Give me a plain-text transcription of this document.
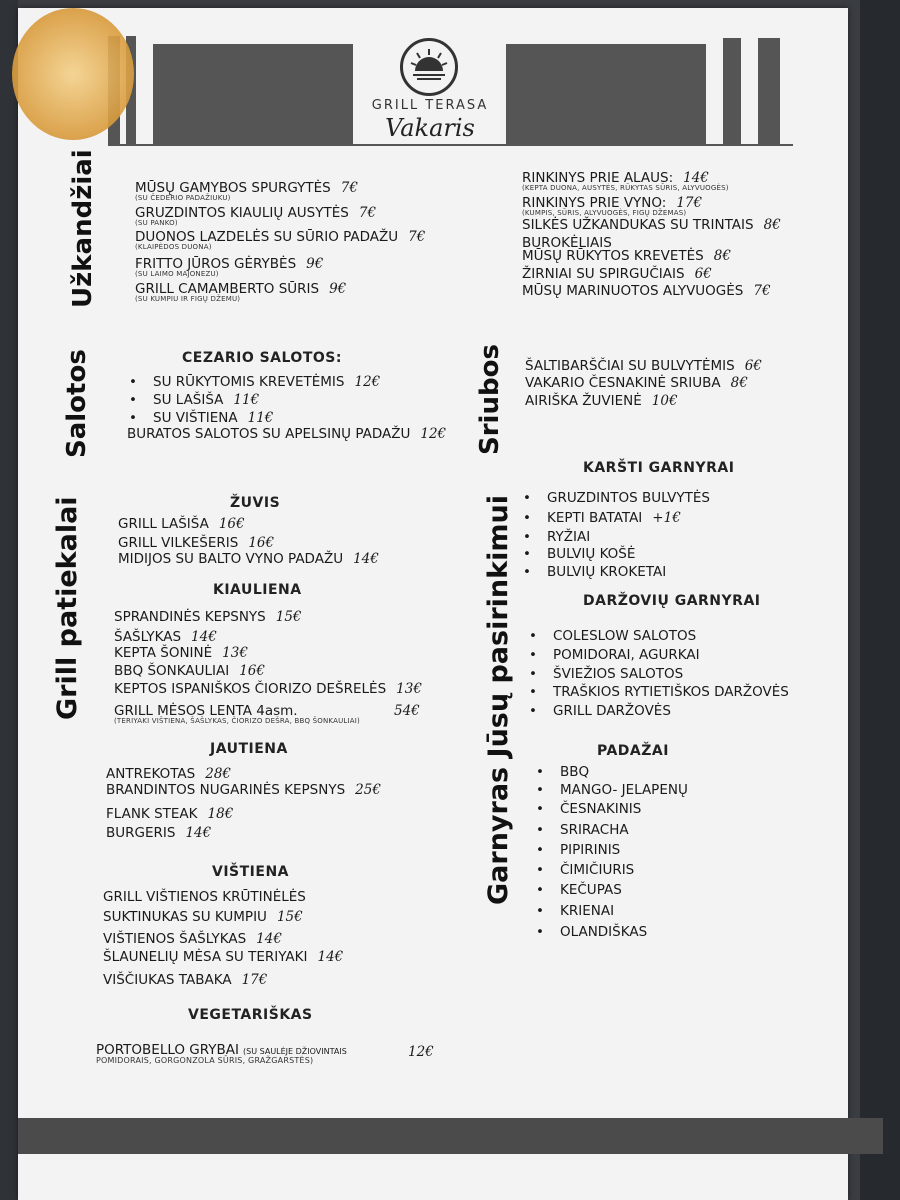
GRILL TERASA
Vakaris
Užkandžiai
Salotos
Grill patiekalai
Sriubos
Garnyras Jūsų pasirinkimui
MŪSŲ GAMYBOS SPURGYTĖS 7€
(SU ČEDERIO PADAŽIUKU)
GRUZDINTOS KIAULIŲ AUSYTĖS 7€
(SU PANKO)
DUONOS LAZDELĖS SU SŪRIO PADAŽU 7€
(KLAIPĖDOS DUONA)
FRITTO JŪROS GĖRYBĖS 9€
(SU LAIMO MAJONEZU)
GRILL CAMAMBERTO SŪRIS 9€
(SU KUMPIU IR FIGŲ DŽEMU)
RINKINYS PRIE ALAUS: 14€
(KEPTA DUONA, AUSYTĖS, RŪKYTAS SŪRIS, ALYVUOGĖS)
RINKINYS PRIE VYNO: 17€
(KUMPIS, SŪRIS, ALYVUOGĖS, FIGŲ DŽEMAS)
SILKĖS UŽKANDUKAS SU TRINTAIS 8€
BUROKĖLIAIS
MŪSŲ RŪKYTOS KREVETĖS 8€
ŽIRNIAI SU SPIRGUČIAIS 6€
MŪSŲ MARINUOTOS ALYVUOGĖS 7€
CEZARIO SALOTOS:
• SU RŪKYTOMIS KREVETĖMIS 12€
• SU LAŠIŠA 11€
• SU VIŠTIENA 11€
BURATOS SALOTOS SU APELSINŲ PADAŽU 12€
ŠALTIBARŠČIAI SU BULVYTĖMIS 6€
VAKARIO ČESNAKINĖ SRIUBA 8€
AIRIŠKA ŽUVIENĖ 10€
ŽUVIS
GRILL LAŠIŠA 16€
GRILL VILKEŠERIS 16€
MIDIJOS SU BALTO VYNO PADAŽU 14€
KIAULIENA
SPRANDINĖS KEPSNYS 15€
ŠAŠLYKAS 14€
KEPTA ŠONINĖ 13€
BBQ ŠONKAULIAI 16€
KEPTOS ISPANIŠKOS ČIORIZO DEŠRELĖS 13€
GRILL MĖSOS LENTA 4asm.	54€
(TERIYAKI VIŠTIENA, ŠAŠLYKAS, ČIORIZO DEŠRA, BBQ ŠONKAULIAI)
JAUTIENA
ANTREKOTAS 28€
BRANDINTOS NUGARINĖS KEPSNYS 25€
FLANK STEAK 18€
BURGERIS 14€
VIŠTIENA
GRILL VIŠTIENOS KRŪTINĖLĖS
SUKTINUKAS SU KUMPIU 15€
VIŠTIENOS ŠAŠLYKAS 14€
ŠLAUNELIŲ MĖSA SU TERIYAKI 14€
VIŠČIUKAS TABAKA 17€
VEGETARIŠKAS
PORTOBELLO GRYBAI (SU SAULĖJE DŽIOVINTAIS	12€
POMIDORAIS, GORGONZOLA SŪRIS, GRAŽGARSTĖS)
KARŠTI GARNYRAI
• GRUZDINTOS BULVYTĖS
• KEPTI BATATAI +1€
• RYŽIAI
• BULVIŲ KOŠĖ
• BULVIŲ KROKETAI
DARŽOVIŲ GARNYRAI
• COLESLOW SALOTOS
• POMIDORAI, AGURKAI
• ŠVIEŽIOS SALOTOS
• TRAŠKIOS RYTIETIŠKOS DARŽOVĖS
• GRILL DARŽOVĖS
PADAŽAI
• BBQ
• MANGO- JELAPENŲ
• ČESNAKINIS
• SRIRACHA
• PIPIRINIS
• ČIMIČIURIS
• KEČUPAS
• KRIENAI
• OLANDIŠKAS
